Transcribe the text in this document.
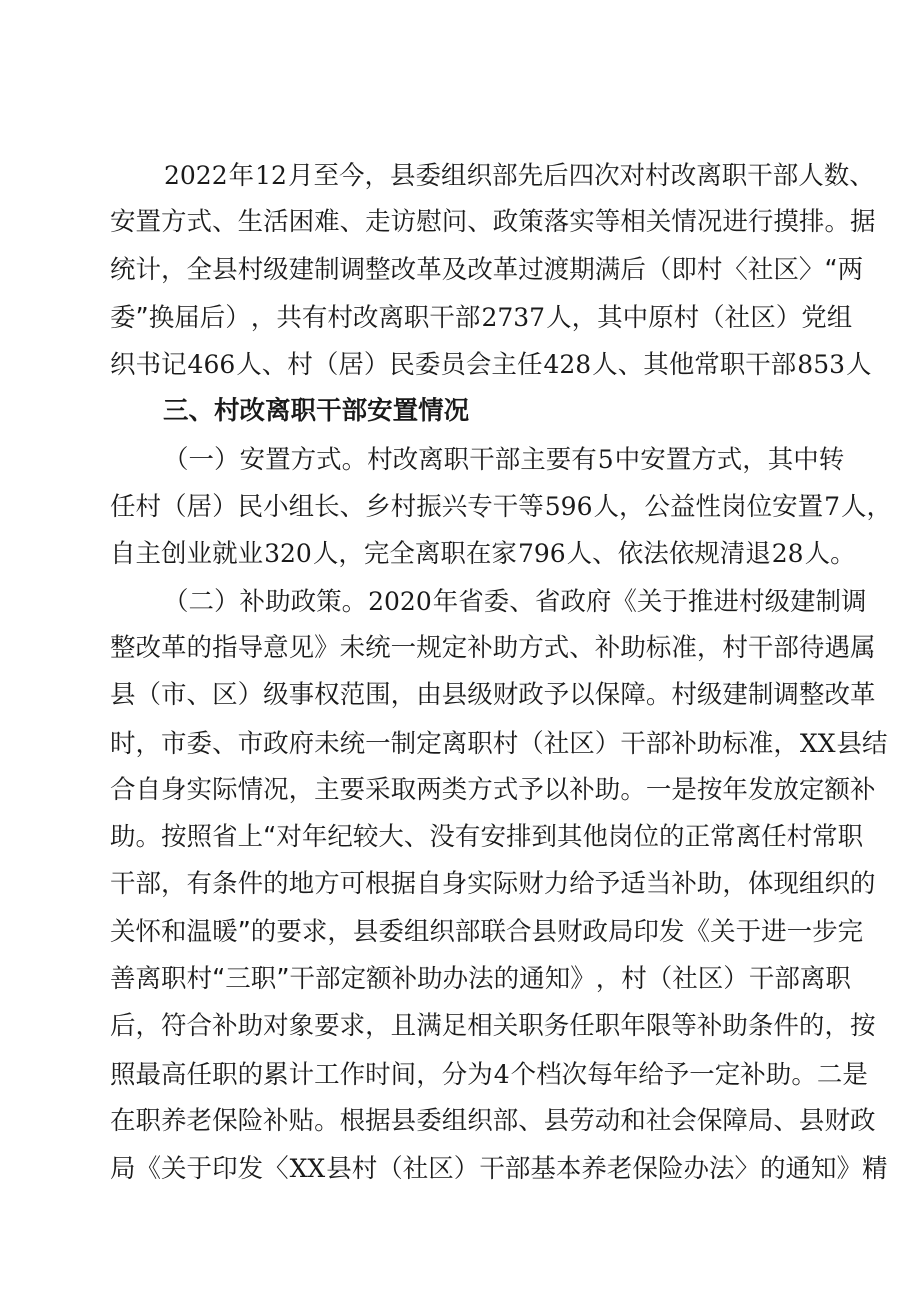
2022 年 12 月 至 今 ， 县 委 组 织 部 先 后 四 次 对 村 改 离 职 干 部 人 数 、
安 置 方 式 、 生 活 困 难 、 走 访 慰 问 、 政 策 落 实 等 相 关 情 况 进 行 摸 排 。 据
统 计 ， 全 县 村 级 建 制 调 整 改 革 及 改 革 过 渡 期 满 后 （ 即 村 〈 社 区 〉 “ 两
委 ” 换 届 后 ） ， 共 有 村 改 离 职 干 部 2737 人 ， 其 中 原 村 （ 社 区 ） 党 组
织 书 记 466 人 、 村 （ 居 ） 民 委 员 会 主 任 428 人 、 其 他 常 职 干 部 853 人
三 、 村 改 离 职 干 部 安 置 情 况
（ 一 ） 安 置 方 式 。 村 改 离 职 干 部 主 要 有 5 中 安 置 方 式 ， 其 中 转
任 村 （ 居 ） 民 小 组 长 、 乡 村 振 兴 专 干 等 596 人 ， 公 益 性 岗 位 安 置 7 人 ，
自 主 创 业 就 业 320 人 ， 完 全 离 职 在 家 796 人 、 依 法 依 规 清 退 28 人 。
（ 二 ） 补 助 政 策 。 2020 年 省 委 、 省 政 府 《 关 于 推 进 村 级 建 制 调
整 改 革 的 指 导 意 见 》 未 统 一 规 定 补 助 方 式 、 补 助 标 准 ， 村 干 部 待 遇 属
县 （ 市 、 区 ） 级 事 权 范 围 ， 由 县 级 财 政 予 以 保 障 。 村 级 建 制 调 整 改 革
时 ， 市 委 、 市 政 府 未 统 一 制 定 离 职 村 （ 社 区 ） 干 部 补 助 标 准 ， XX 县 结
合 自 身 实 际 情 况 ， 主 要 采 取 两 类 方 式 予 以 补 助 。 一 是 按 年 发 放 定 额 补
助 。 按 照 省 上 “ 对 年 纪 较 大 、 没 有 安 排 到 其 他 岗 位 的 正 常 离 任 村 常 职
干 部 ， 有 条 件 的 地 方 可 根 据 自 身 实 际 财 力 给 予 适 当 补 助 ， 体 现 组 织 的
关 怀 和 温 暖 ” 的 要 求 ， 县 委 组 织 部 联 合 县 财 政 局 印 发 《 关 于 进 一 步 完
善 离 职 村 “ 三 职 ” 干 部 定 额 补 助 办 法 的 通 知 》 ， 村 （ 社 区 ） 干 部 离 职
后 ， 符 合 补 助 对 象 要 求 ， 且 满 足 相 关 职 务 任 职 年 限 等 补 助 条 件 的 ， 按
照 最 高 任 职 的 累 计 工 作 时 间 ， 分 为 4 个 档 次 每 年 给 予 一 定 补 助 。 二 是
在 职 养 老 保 险 补 贴 。 根 据 县 委 组 织 部 、 县 劳 动 和 社 会 保 障 局 、 县 财 政
局 《 关 于 印 发 〈 XX 县 村 （ 社 区 ） 干 部 基 本 养 老 保 险 办 法 〉 的 通 知 》 精
